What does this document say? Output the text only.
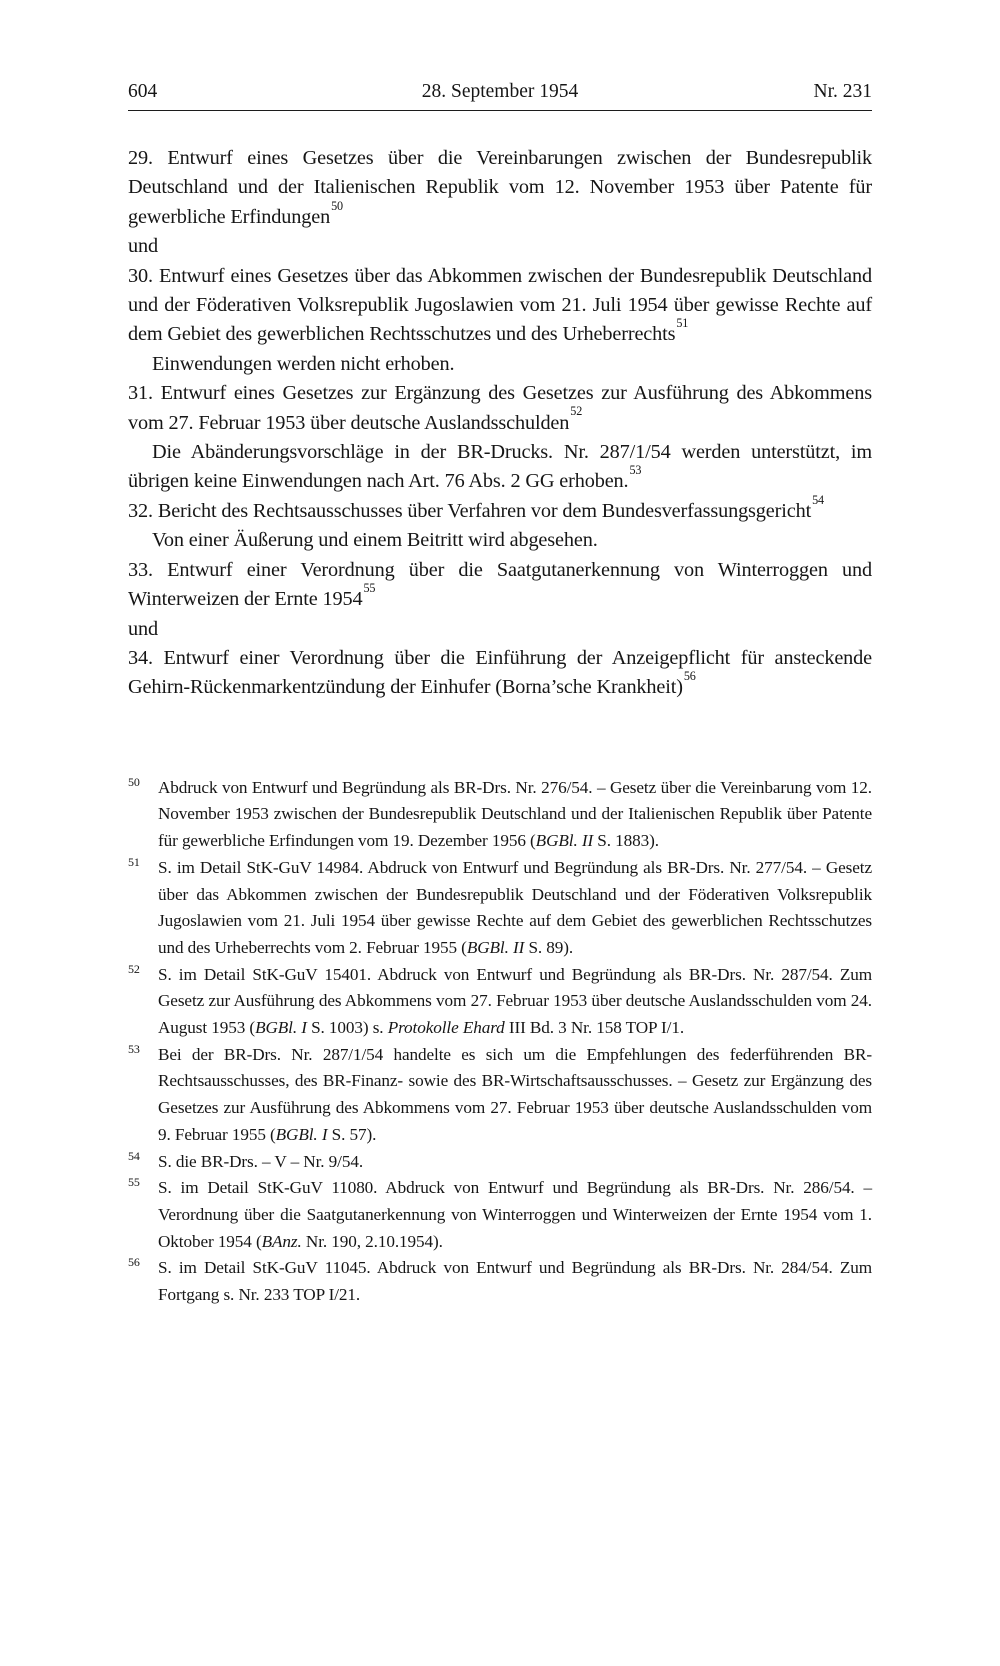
604	28. September 1954	Nr. 231

29. Entwurf eines Gesetzes über die Vereinbarungen zwischen der Bundesrepublik Deutschland und der Italienischen Republik vom 12. November 1953 über Patente für gewerbliche Erfindungen$^{50}$

und

30. Entwurf eines Gesetzes über das Abkommen zwischen der Bundesrepublik Deutschland und der Föderativen Volksrepublik Jugoslawien vom 21. Juli 1954 über gewisse Rechte auf dem Gebiet des gewerblichen Rechtsschutzes und des Urheberrechts$^{51}$

Einwendungen werden nicht erhoben.

31. Entwurf eines Gesetzes zur Ergänzung des Gesetzes zur Ausführung des Abkommens vom 27. Februar 1953 über deutsche Auslandsschulden$^{52}$

Die Abänderungsvorschläge in der BR-Drucks. Nr. 287/1/54 werden unterstützt, im übrigen keine Einwendungen nach Art. 76 Abs. 2 GG erhoben.$^{53}$

32. Bericht des Rechtsausschusses über Verfahren vor dem Bundesverfassungsgericht$^{54}$

Von einer Äußerung und einem Beitritt wird abgesehen.

33. Entwurf einer Verordnung über die Saatgutanerkennung von Winterroggen und Winterweizen der Ernte 1954$^{55}$

und

34. Entwurf einer Verordnung über die Einführung der Anzeigepflicht für ansteckende Gehirn-Rückenmarkentzündung der Einhufer (Borna’sche Krankheit)$^{56}$

50 Abdruck von Entwurf und Begründung als BR-Drs. Nr. 276/54. – Gesetz über die Vereinbarung vom 12. November 1953 zwischen der Bundesrepublik Deutschland und der Italienischen Republik über Patente für gewerbliche Erfindungen vom 19. Dezember 1956 (BGBl. II S. 1883).

51 S. im Detail StK-GuV 14984. Abdruck von Entwurf und Begründung als BR-Drs. Nr. 277/54. – Gesetz über das Abkommen zwischen der Bundesrepublik Deutschland und der Föderativen Volksrepublik Jugoslawien vom 21. Juli 1954 über gewisse Rechte auf dem Gebiet des gewerblichen Rechtsschutzes und des Urheberrechts vom 2. Februar 1955 (BGBl. II S. 89).

52 S. im Detail StK-GuV 15401. Abdruck von Entwurf und Begründung als BR-Drs. Nr. 287/54. Zum Gesetz zur Ausführung des Abkommens vom 27. Februar 1953 über deutsche Auslandsschulden vom 24. August 1953 (BGBl. I S. 1003) s. Protokolle Ehard III Bd. 3 Nr. 158 TOP I/1.

53 Bei der BR-Drs. Nr. 287/1/54 handelte es sich um die Empfehlungen des federführenden BR-Rechtsausschusses, des BR-Finanz- sowie des BR-Wirtschaftsausschusses. – Gesetz zur Ergänzung des Gesetzes zur Ausführung des Abkommens vom 27. Februar 1953 über deutsche Auslandsschulden vom 9. Februar 1955 (BGBl. I S. 57).

54 S. die BR-Drs. – V – Nr. 9/54.

55 S. im Detail StK-GuV 11080. Abdruck von Entwurf und Begründung als BR-Drs. Nr. 286/54. – Verordnung über die Saatgutanerkennung von Winterroggen und Winterweizen der Ernte 1954 vom 1. Oktober 1954 (BAnz. Nr. 190, 2.10.1954).

56 S. im Detail StK-GuV 11045. Abdruck von Entwurf und Begründung als BR-Drs. Nr. 284/54. Zum Fortgang s. Nr. 233 TOP I/21.
